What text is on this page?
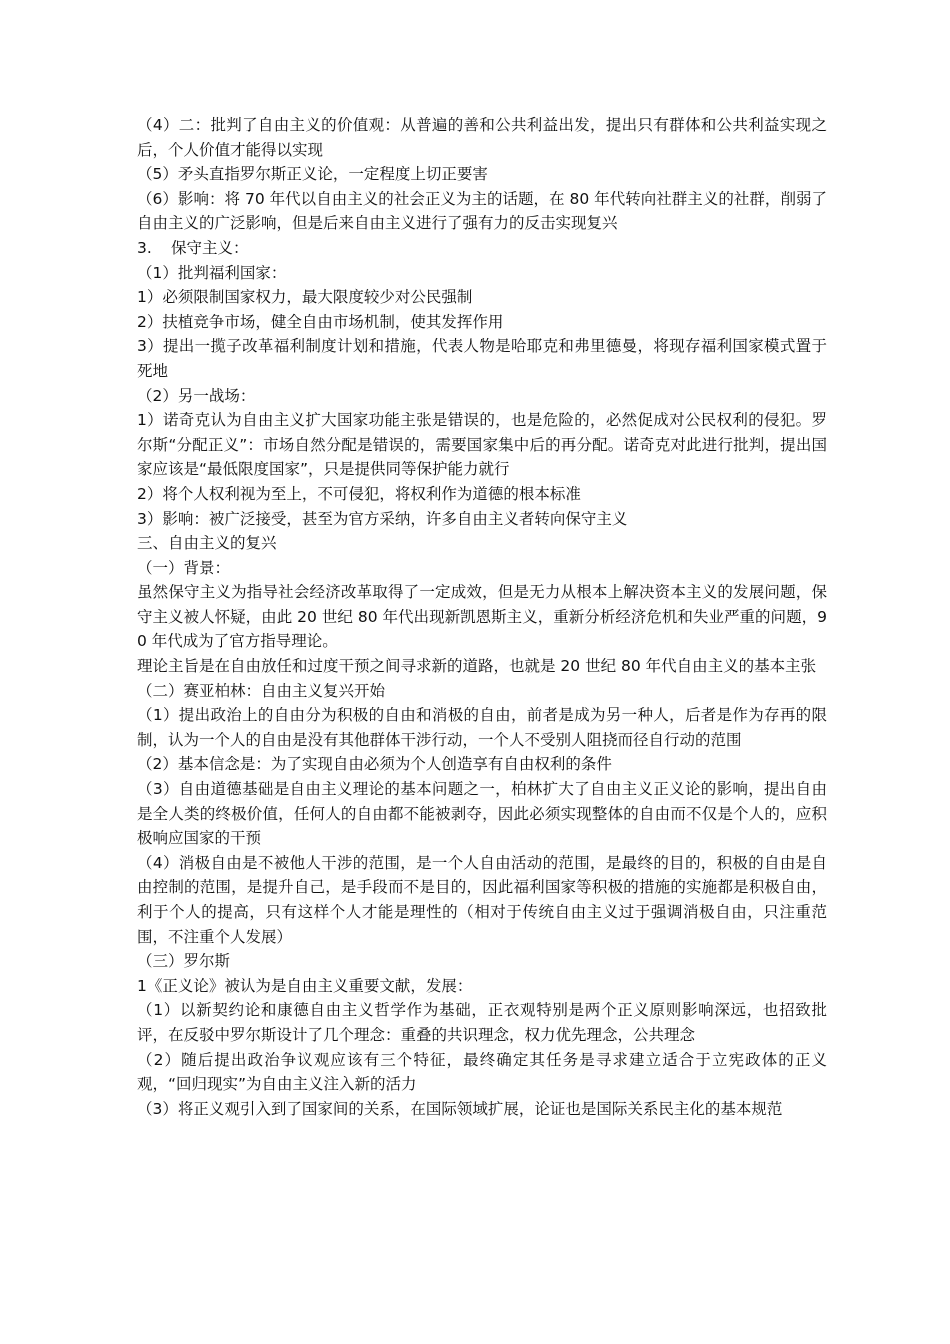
（4）二：批判了自由主义的价值观：从普遍的善和公共利益出发，提出只有群体和公共利益实现之后，个人价值才能得以实现

（5）矛头直指罗尔斯正义论，一定程度上切正要害

（6）影响：将 70 年代以自由主义的社会正义为主的话题，在 80 年代转向社群主义的社群，削弱了自由主义的广泛影响，但是后来自由主义进行了强有力的反击实现复兴

3. 保守主义：

（1）批判福利国家：

1）必须限制国家权力，最大限度较少对公民强制

2）扶植竞争市场，健全自由市场机制，使其发挥作用

3）提出一揽子改革福利制度计划和措施，代表人物是哈耶克和弗里德曼，将现存福利国家模式置于死地

（2）另一战场：

1）诺奇克认为自由主义扩大国家功能主张是错误的，也是危险的，必然促成对公民权利的侵犯。罗尔斯“分配正义”：市场自然分配是错误的，需要国家集中后的再分配。诺奇克对此进行批判，提出国家应该是“最低限度国家”，只是提供同等保护能力就行

2）将个人权利视为至上，不可侵犯，将权利作为道德的根本标准

3）影响：被广泛接受，甚至为官方采纳，许多自由主义者转向保守主义

三、自由主义的复兴

（一）背景：

虽然保守主义为指导社会经济改革取得了一定成效，但是无力从根本上解决资本主义的发展问题，保守主义被人怀疑，由此 20 世纪 80 年代出现新凯恩斯主义，重新分析经济危机和失业严重的问题，90 年代成为了官方指导理论。

理论主旨是在自由放任和过度干预之间寻求新的道路，也就是 20 世纪 80 年代自由主义的基本主张

（二）赛亚柏林：自由主义复兴开始

（1）提出政治上的自由分为积极的自由和消极的自由，前者是成为另一种人，后者是作为存再的限制，认为一个人的自由是没有其他群体干涉行动，一个人不受别人阻挠而径自行动的范围

（2）基本信念是：为了实现自由必须为个人创造享有自由权利的条件

（3）自由道德基础是自由主义理论的基本问题之一，柏林扩大了自由主义正义论的影响，提出自由是全人类的终极价值，任何人的自由都不能被剥夺，因此必须实现整体的自由而不仅是个人的，应积极响应国家的干预

（4）消极自由是不被他人干涉的范围，是一个人自由活动的范围，是最终的目的，积极的自由是自由控制的范围，是提升自己，是手段而不是目的，因此福利国家等积极的措施的实施都是积极自由，利于个人的提高，只有这样个人才能是理性的（相对于传统自由主义过于强调消极自由，只注重范围，不注重个人发展）

（三）罗尔斯

1《正义论》被认为是自由主义重要文献，发展：

（1）以新契约论和康德自由主义哲学作为基础，正衣观特别是两个正义原则影响深远，也招致批评，在反驳中罗尔斯设计了几个理念：重叠的共识理念，权力优先理念，公共理念

（2）随后提出政治争议观应该有三个特征，最终确定其任务是寻求建立适合于立宪政体的正义观，“回归现实”为自由主义注入新的活力

（3）将正义观引入到了国家间的关系，在国际领域扩展，论证也是国际关系民主化的基本规范
